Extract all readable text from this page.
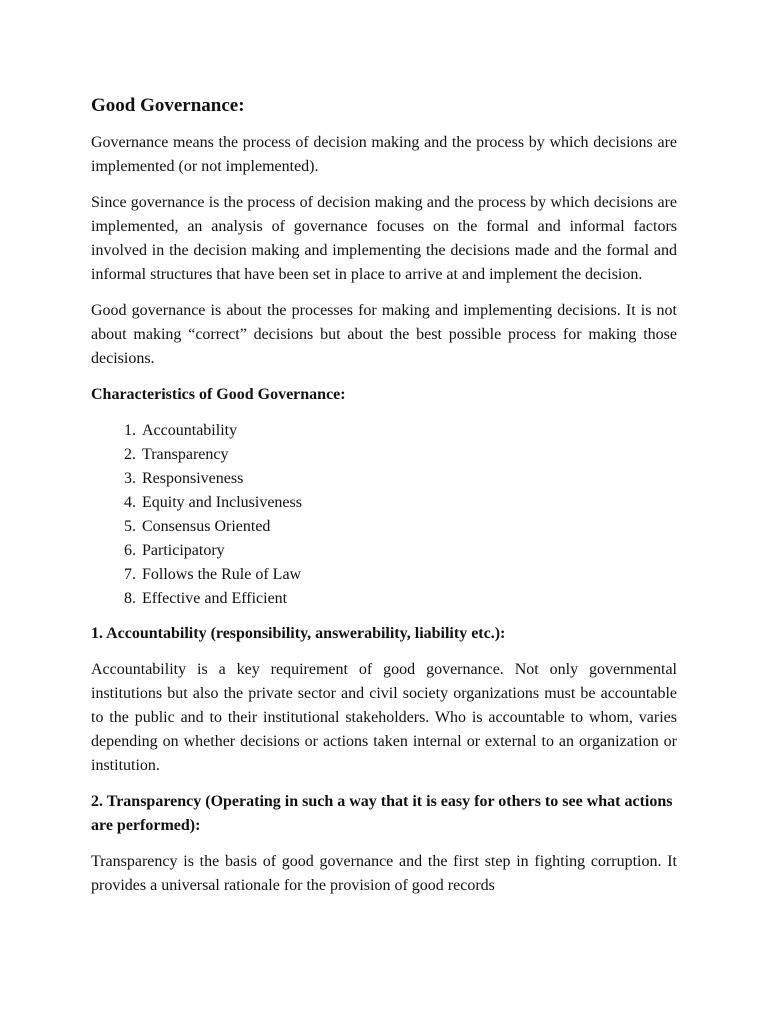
Good Governance:

Governance means the process of decision making and the process by which decisions are implemented (or not implemented).

Since governance is the process of decision making and the process by which decisions are implemented, an analysis of governance focuses on the formal and informal factors involved in the decision making and implementing the decisions made and the formal and informal structures that have been set in place to arrive at and implement the decision.

Good governance is about the processes for making and implementing decisions. It is not about making “correct” decisions but about the best possible process for making those decisions.

Characteristics of Good Governance:
1. Accountability
2. Transparency
3. Responsiveness
4. Equity and Inclusiveness
5. Consensus Oriented
6. Participatory
7. Follows the Rule of Law
8. Effective and Efficient
1. Accountability (responsibility, answerability, liability etc.):

Accountability is a key requirement of good governance. Not only governmental institutions but also the private sector and civil society organizations must be accountable to the public and to their institutional stakeholders. Who is accountable to whom, varies depending on whether decisions or actions taken internal or external to an organization or institution.

2. Transparency (Operating in such a way that it is easy for others to see what actions are performed):

Transparency is the basis of good governance and the first step in fighting corruption. It provides a universal rationale for the provision of good records
